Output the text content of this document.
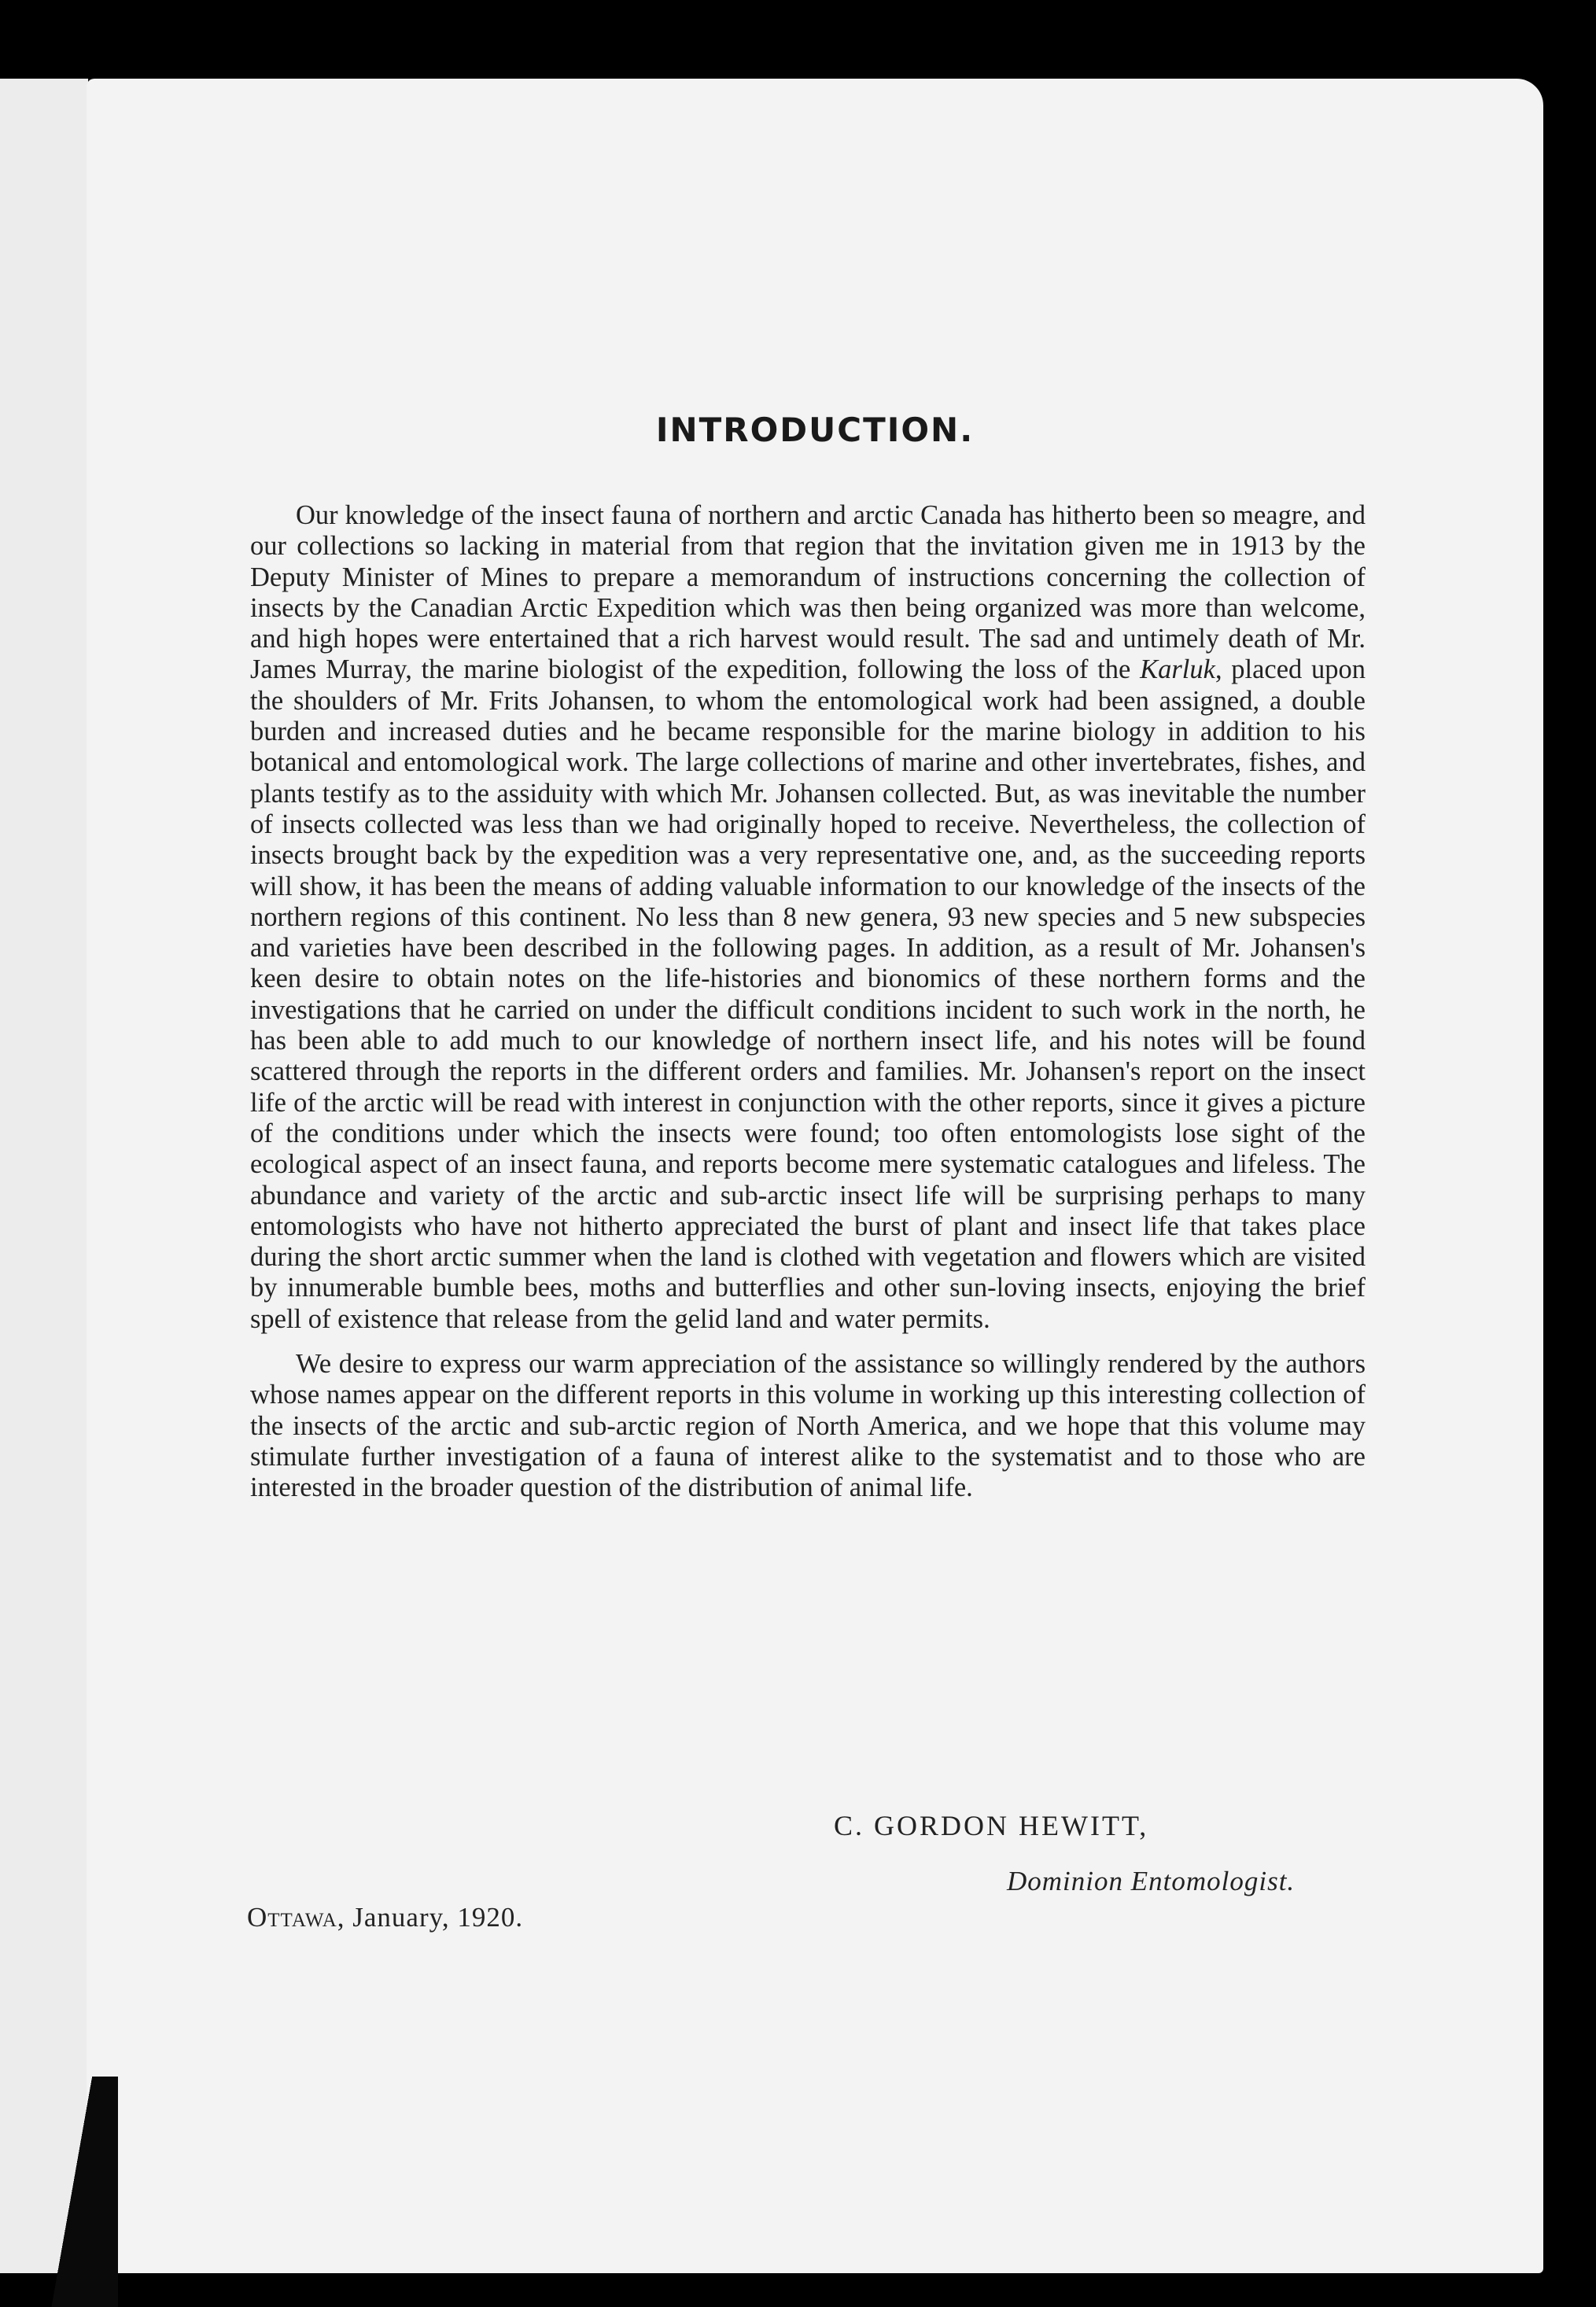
INTRODUCTION.

Our knowledge of the insect fauna of northern and arctic Canada has hitherto been so meagre, and our collections so lacking in material from that region that the invitation given me in 1913 by the Deputy Minister of Mines to prepare a memorandum of instructions concerning the collection of insects by the Canadian Arctic Expedition which was then being organized was more than welcome, and high hopes were entertained that a rich harvest would result. The sad and untimely death of Mr. James Murray, the marine biologist of the expedition, following the loss of the Karluk, placed upon the shoulders of Mr. Frits Johansen, to whom the entomological work had been assigned, a double burden and increased duties and he became responsible for the marine biology in addition to his botanical and entomological work. The large collections of marine and other invertebrates, fishes, and plants testify as to the assiduity with which Mr. Johansen collected. But, as was inevitable the number of insects collected was less than we had originally hoped to receive. Nevertheless, the collection of insects brought back by the expedition was a very representative one, and, as the succeeding reports will show, it has been the means of adding valuable information to our knowledge of the insects of the northern regions of this continent. No less than 8 new genera, 93 new species and 5 new subspecies and varieties have been described in the following pages. In addition, as a result of Mr. Johansen's keen desire to obtain notes on the life-histories and bionomics of these northern forms and the investigations that he carried on under the difficult conditions incident to such work in the north, he has been able to add much to our knowledge of northern insect life, and his notes will be found scattered through the reports in the different orders and families. Mr. Johansen's report on the insect life of the arctic will be read with interest in conjunction with the other reports, since it gives a picture of the conditions under which the insects were found; too often entomologists lose sight of the ecological aspect of an insect fauna, and reports become mere systematic catalogues and lifeless. The abundance and variety of the arctic and sub-arctic insect life will be surprising perhaps to many entomologists who have not hitherto appreciated the burst of plant and insect life that takes place during the short arctic summer when the land is clothed with vegetation and flowers which are visited by innumerable bumble bees, moths and butterflies and other sun-loving insects, enjoying the brief spell of existence that release from the gelid land and water permits.

We desire to express our warm appreciation of the assistance so willingly rendered by the authors whose names appear on the different reports in this volume in working up this interesting collection of the insects of the arctic and sub-arctic region of North America, and we hope that this volume may stimulate further investigation of a fauna of interest alike to the systematist and to those who are interested in the broader question of the distribution of animal life.

C. GORDON HEWITT,
Dominion Entomologist.
Ottawa, January, 1920.
